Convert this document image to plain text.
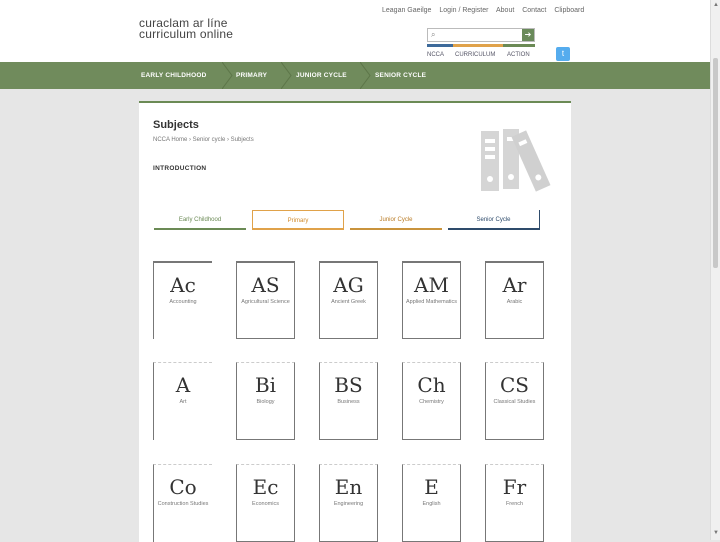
curaclam ar líne
curriculum online
Leagan Gaeilge Login / Register About Contact Clipboard
⌕	➔
NCCA CURRICULUM ACTION	t
EARLY CHILDHOOD	PRIMARY	JUNIOR CYCLE	SENIOR CYCLE
Subjects
NCCA Home › Senior cycle › Subjects
INTRODUCTION
Early Childhood	Primary	Junior Cycle	Senior Cycle
Ac
Accounting
AS
Agricultural Science
AG
Ancient Greek
AM
Applied Mathematics
Ar
Arabic
A
Art
Bi
Biology
BS
Business
Ch
Chemistry
CS
Classical Studies
Co
Construction Studies
Ec
Economics
En
Engineering
E
English
Fr
French
▲
▼
